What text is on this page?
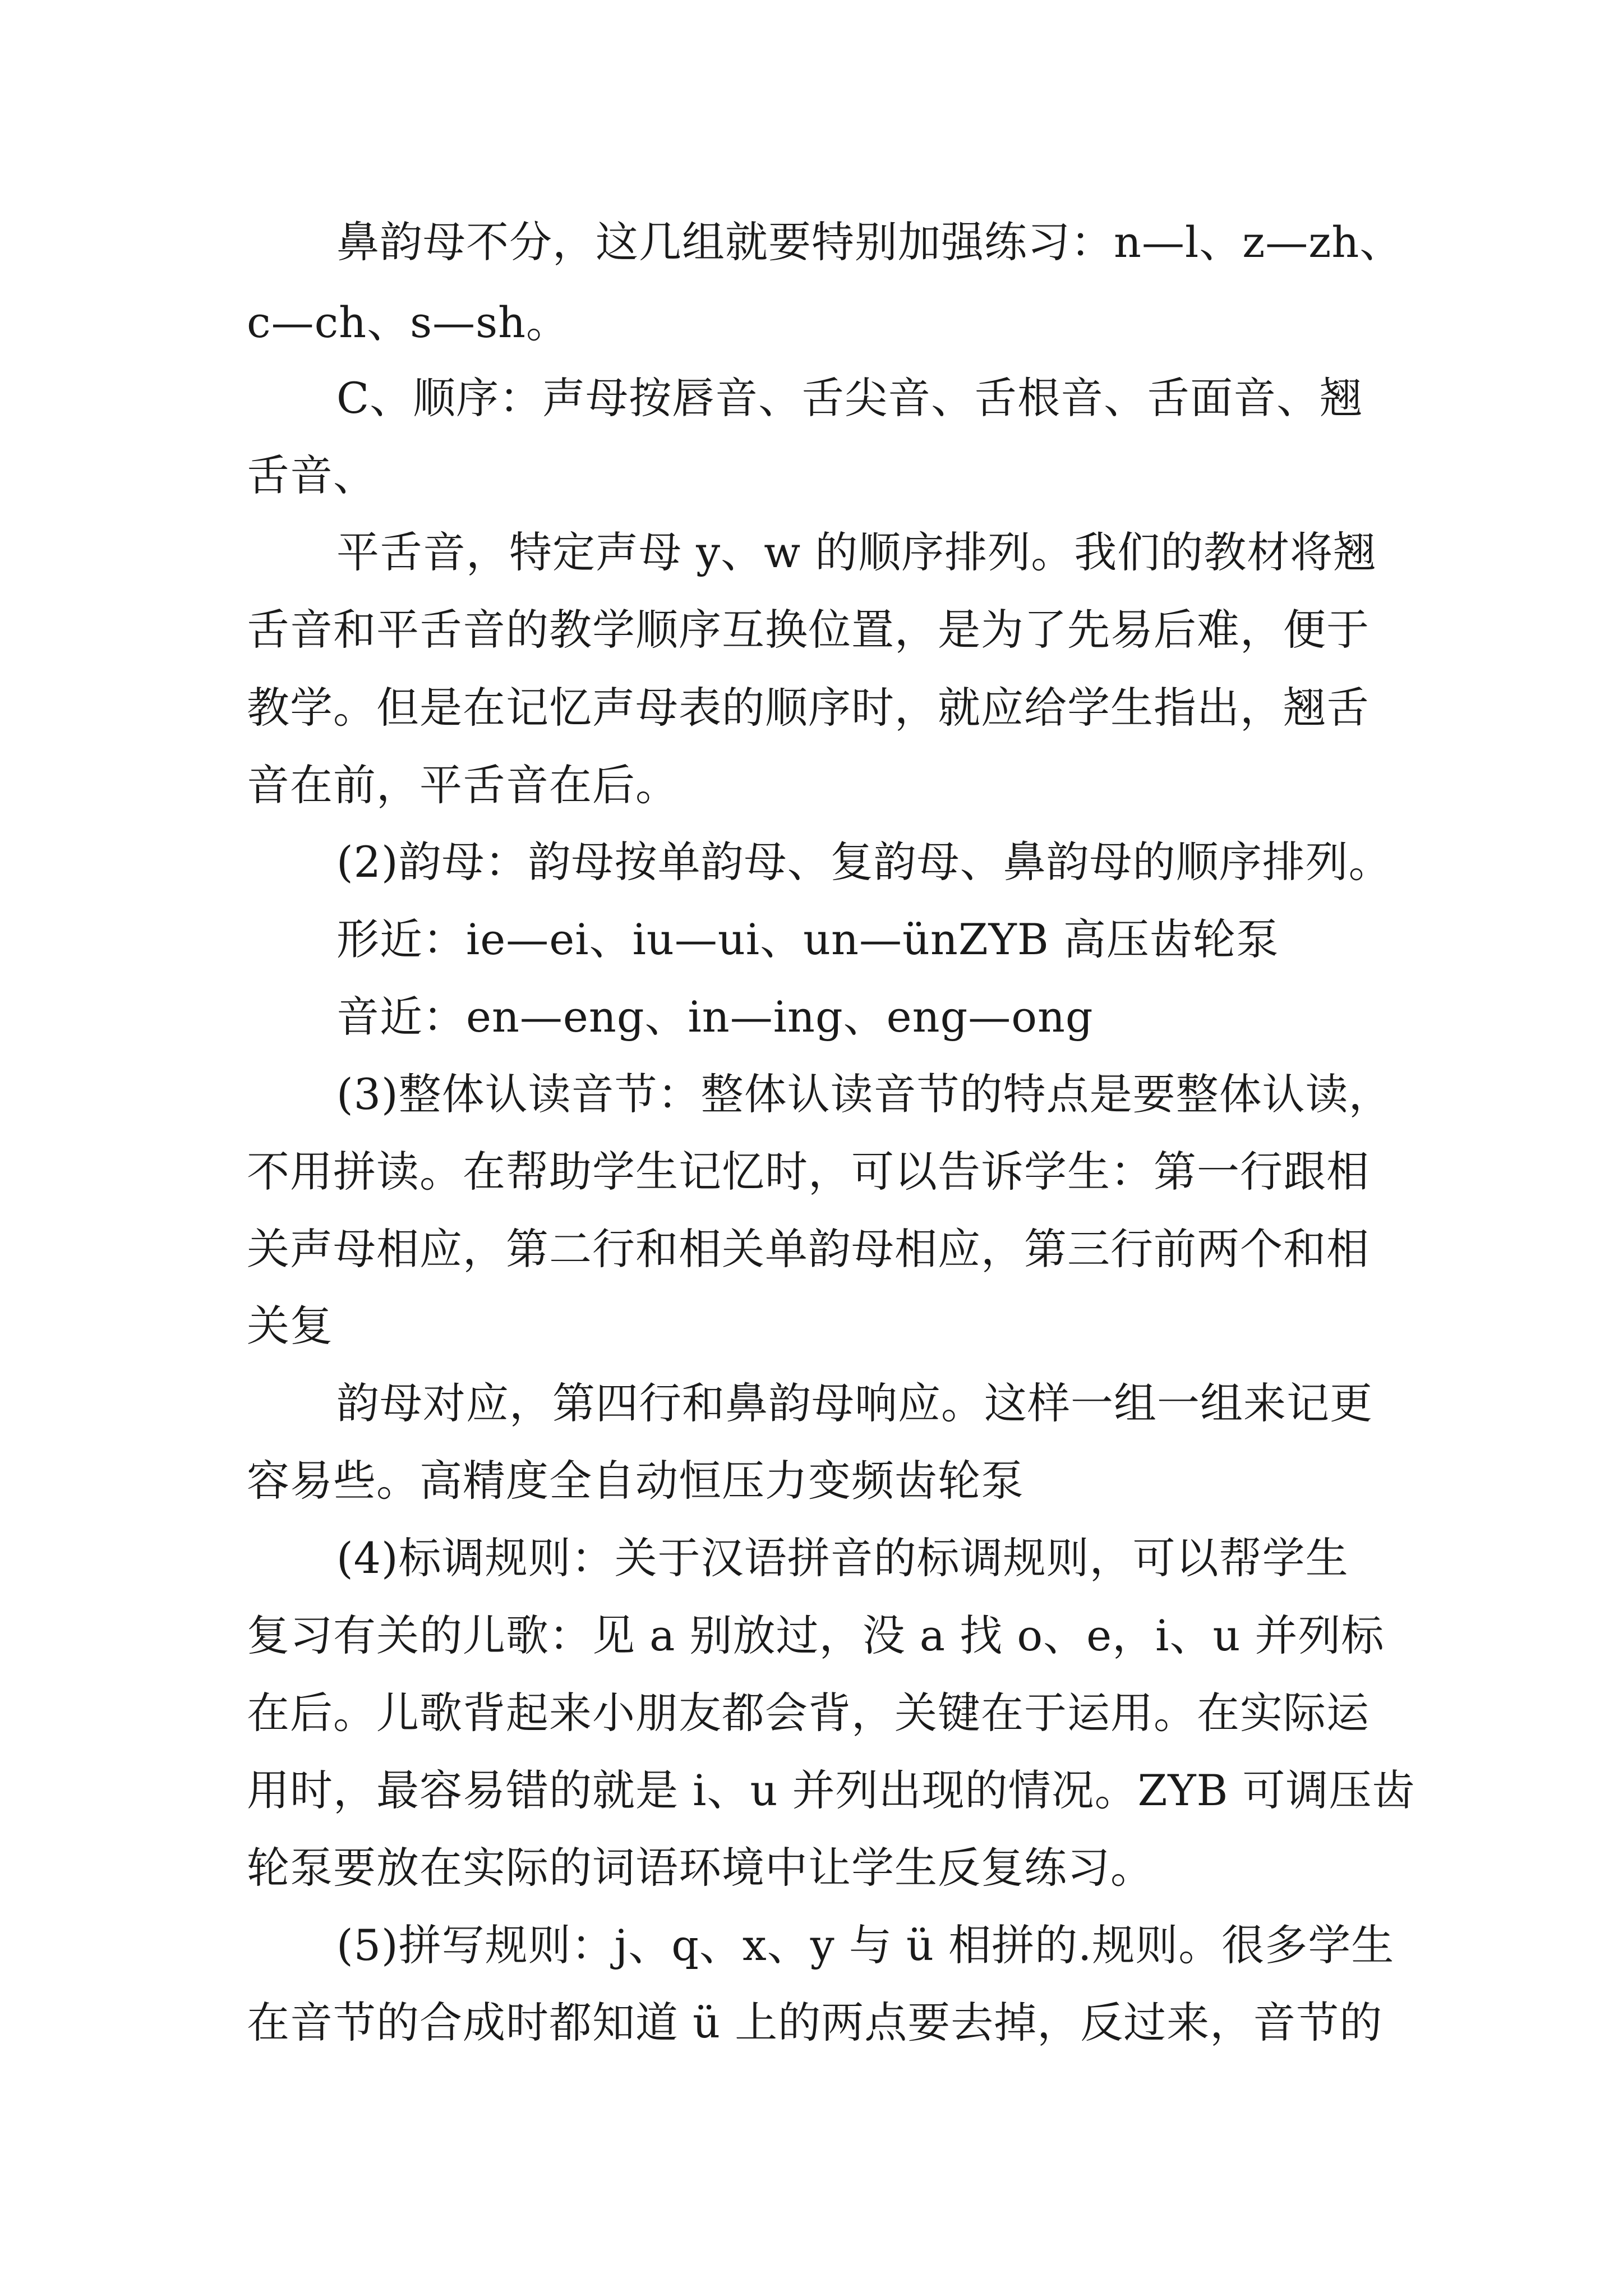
鼻韵母不分，这几组就要特别加强练习：n—l、z—zh、
c—ch、s—sh。
C、顺序：声母按唇音、舌尖音、舌根音、舌面音、翘
舌音、
平舌音，特定声母 y、w 的顺序排列。我们的教材将翘
舌音和平舌音的教学顺序互换位置，是为了先易后难，便于
教学。但是在记忆声母表的顺序时，就应给学生指出，翘舌
音在前，平舌音在后。
(2)韵母：韵母按单韵母、复韵母、鼻韵母的顺序排列。
形近：ie—ei、iu—ui、un—ünZYB 高压齿轮泵
音近：en—eng、in—ing、eng—ong
(3)整体认读音节：整体认读音节的特点是要整体认读，
不用拼读。在帮助学生记忆时，可以告诉学生：第一行跟相
关声母相应，第二行和相关单韵母相应，第三行前两个和相
关复
韵母对应，第四行和鼻韵母响应。这样一组一组来记更
容易些。高精度全自动恒压力变频齿轮泵
(4)标调规则：关于汉语拼音的标调规则，可以帮学生
复习有关的儿歌：见 a 别放过，没 a 找 o、e，i、u 并列标
在后。儿歌背起来小朋友都会背，关键在于运用。在实际运
用时，最容易错的就是 i、u 并列出现的情况。ZYB 可调压齿
轮泵要放在实际的词语环境中让学生反复练习。
(5)拼写规则：j、q、x、y 与 ü 相拼的.规则。很多学生
在音节的合成时都知道 ü 上的两点要去掉，反过来，音节的
